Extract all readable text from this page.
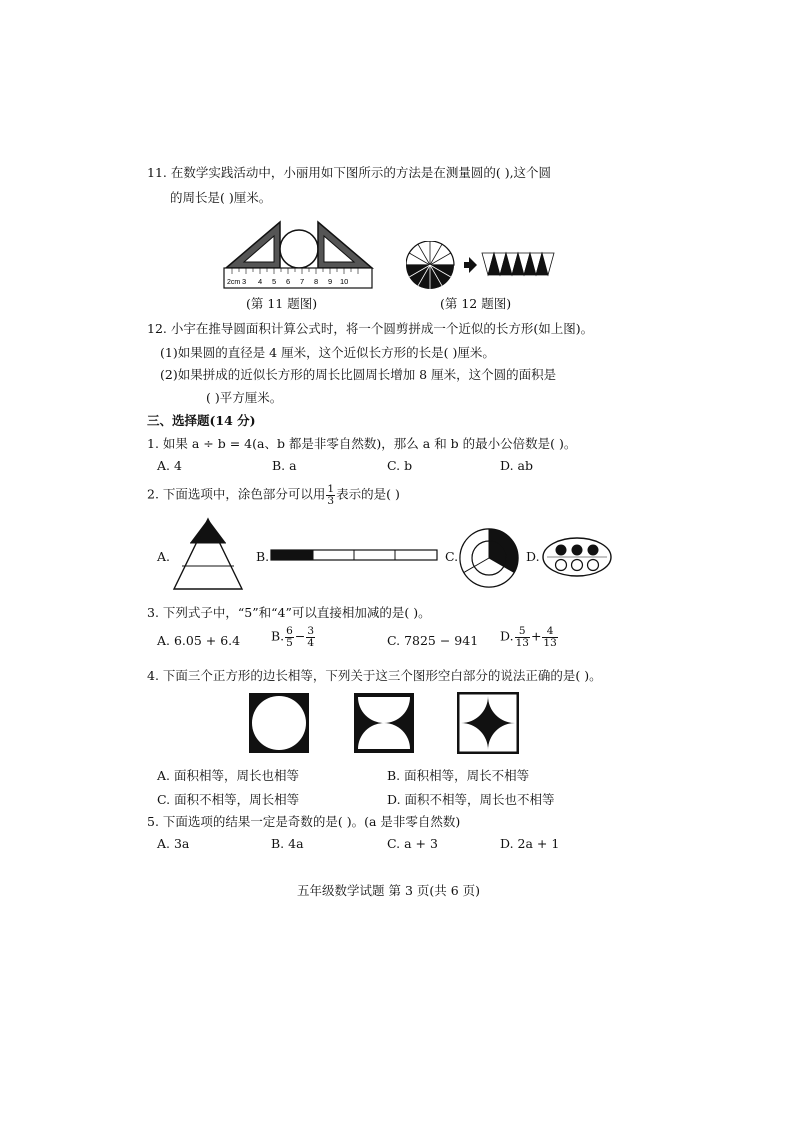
11. 在数学实践活动中，小丽用如下图所示的方法是在测量圆的( ),这个圆
的周长是( )厘米。
2cm 3 4 5 6 7 8 9 10
(第 11 题图)	(第 12 题图)
12. 小宇在推导圆面积计算公式时，将一个圆剪拼成一个近似的长方形(如上图)。
(1)如果圆的直径是 4 厘米，这个近似长方形的长是( )厘米。
(2)如果拼成的近似长方形的周长比圆周长增加 8 厘米，这个圆的面积是
( )平方厘米。
三、选择题(14 分)
1. 如果 a ÷ b = 4(a、b 都是非零自然数)，那么 a 和 b 的最小公倍数是( )。
A. 4	B. a	C. b	D. ab
2. 下面选项中，涂色部分可以用 $\frac{1}{3}$ 表示的是( )
A.	B.	C.	D.
3. 下列式子中，“5”和“4”可以直接相加减的是( )。
A. 6.05 + 6.4 B. $\frac{6}{5} - \frac{3}{4}$	C. 7825 − 941 D. $\frac{5}{13} + \frac{4}{13}$
4. 下面三个正方形的边长相等，下列关于这三个图形空白部分的说法正确的是( )。
A. 面积相等，周长也相等	B. 面积相等，周长不相等
C. 面积不相等，周长相等	D. 面积不相等，周长也不相等
5. 下面选项的结果一定是奇数的是( )。(a 是非零自然数)
A. 3a	B. 4a	C. a + 3	D. 2a + 1
五年级数学试题 第 3 页(共 6 页)
